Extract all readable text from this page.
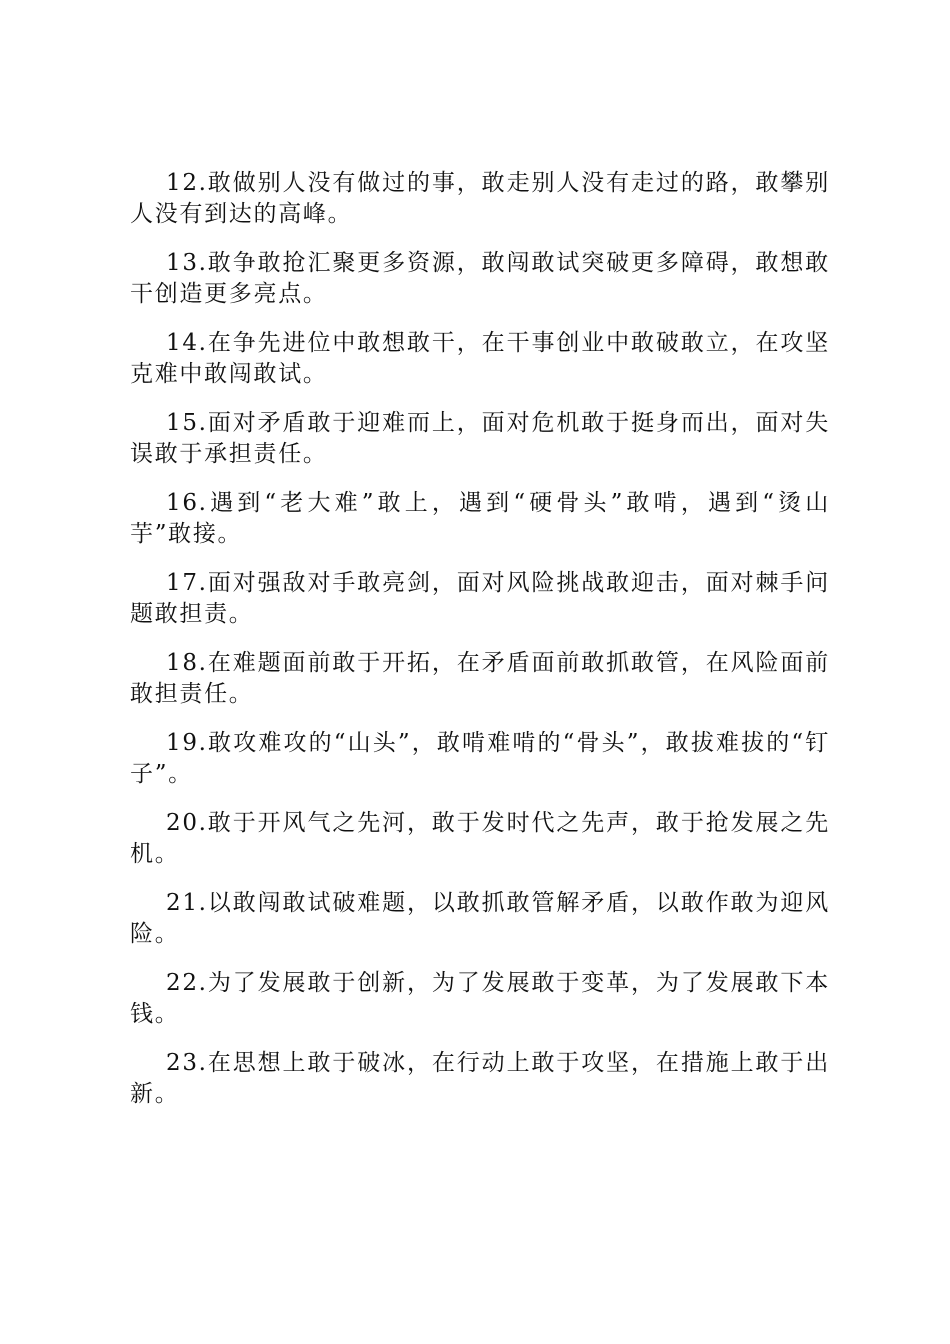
12.敢做别人没有做过的事，敢走别人没有走过的路，敢攀别人没有到达的高峰。

13.敢争敢抢汇聚更多资源，敢闯敢试突破更多障碍，敢想敢干创造更多亮点。

14.在争先进位中敢想敢干，在干事创业中敢破敢立，在攻坚克难中敢闯敢试。

15.面对矛盾敢于迎难而上，面对危机敢于挺身而出，面对失误敢于承担责任。

16.遇到“老大难”敢上，遇到“硬骨头”敢啃，遇到“烫山芋”敢接。

17.面对强敌对手敢亮剑，面对风险挑战敢迎击，面对棘手问题敢担责。

18.在难题面前敢于开拓，在矛盾面前敢抓敢管，在风险面前敢担责任。

19.敢攻难攻的“山头”，敢啃难啃的“骨头”，敢拔难拔的“钉子”。

20.敢于开风气之先河，敢于发时代之先声，敢于抢发展之先机。

21.以敢闯敢试破难题，以敢抓敢管解矛盾，以敢作敢为迎风险。

22.为了发展敢于创新，为了发展敢于变革，为了发展敢下本钱。

23.在思想上敢于破冰，在行动上敢于攻坚，在措施上敢于出新。
